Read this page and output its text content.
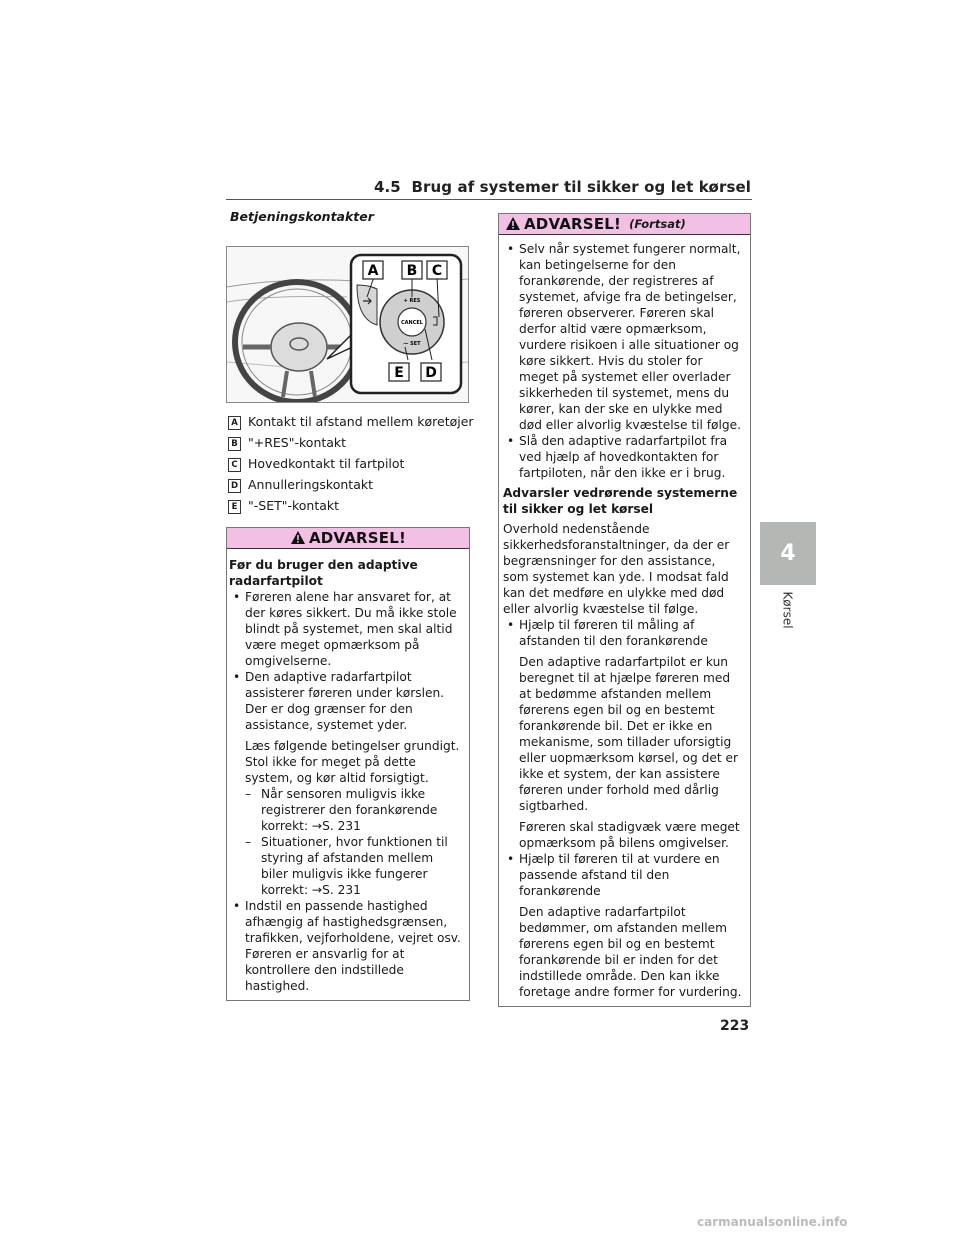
4.5 Brug af systemer til sikker og let kørsel
4
Kørsel
Betjeningskontakter
CANCEL
+ RES
— SET
A B C
E D
A Kontakt til afstand mellem køretøjer
B "+RES"-kontakt
C Hovedkontakt til fartpilot
D Annulleringskontakt
E "-SET"-kontakt
ADVARSEL!

Før du bruger den adaptive radarfartpilot

• Føreren alene har ansvaret for, at der køres sikkert. Du må ikke stole blindt på systemet, men skal altid være meget opmærksom på omgivelserne.
• Den adaptive radarfartpilot assisterer føreren under kørslen. Der er dog grænser for den assistance, systemet yder.

Læs følgende betingelser grundigt. Stol ikke for meget på dette system, og kør altid forsigtigt.

– Når sensoren muligvis ikke registrerer den forankørende korrekt: →S. 231
– Situationer, hvor funktionen til styring af afstanden mellem biler muligvis ikke fungerer korrekt: →S. 231
• Indstil en passende hastighed afhængig af hastighedsgrænsen, trafikken, vejforholdene, vejret osv. Føreren er ansvarlig for at kontrollere den indstillede hastighed.
ADVARSEL! (Fortsat)
• Selv når systemet fungerer normalt, kan betingelserne for den forankørende, der registreres af systemet, afvige fra de betingelser, føreren observerer. Føreren skal derfor altid være opmærksom, vurdere risikoen i alle situationer og køre sikkert. Hvis du stoler for meget på systemet eller overlader sikkerheden til systemet, mens du kører, kan der ske en ulykke med død eller alvorlig kvæstelse til følge.
• Slå den adaptive radarfartpilot fra ved hjælp af hovedkontakten for fartpiloten, når den ikke er i brug.

Advarsler vedrørende systemerne til sikker og let kørsel

Overhold nedenstående sikkerhedsforanstaltninger, da der er begrænsninger for den assistance, som systemet kan yde. I modsat fald kan det medføre en ulykke med død eller alvorlig kvæstelse til følge.

• Hjælp til føreren til måling af afstanden til den forankørende

Den adaptive radarfartpilot er kun beregnet til at hjælpe føreren med at bedømme afstanden mellem førerens egen bil og en bestemt forankørende bil. Det er ikke en mekanisme, som tillader uforsigtig eller uopmærksom kørsel, og det er ikke et system, der kan assistere føreren under forhold med dårlig sigtbarhed.

Føreren skal stadigvæk være meget opmærksom på bilens omgivelser.

• Hjælp til føreren til at vurdere en passende afstand til den forankørende

Den adaptive radarfartpilot bedømmer, om afstanden mellem førerens egen bil og en bestemt forankørende bil er inden for det indstillede område. Den kan ikke foretage andre former for vurdering.

223
carmanualsonline.info
